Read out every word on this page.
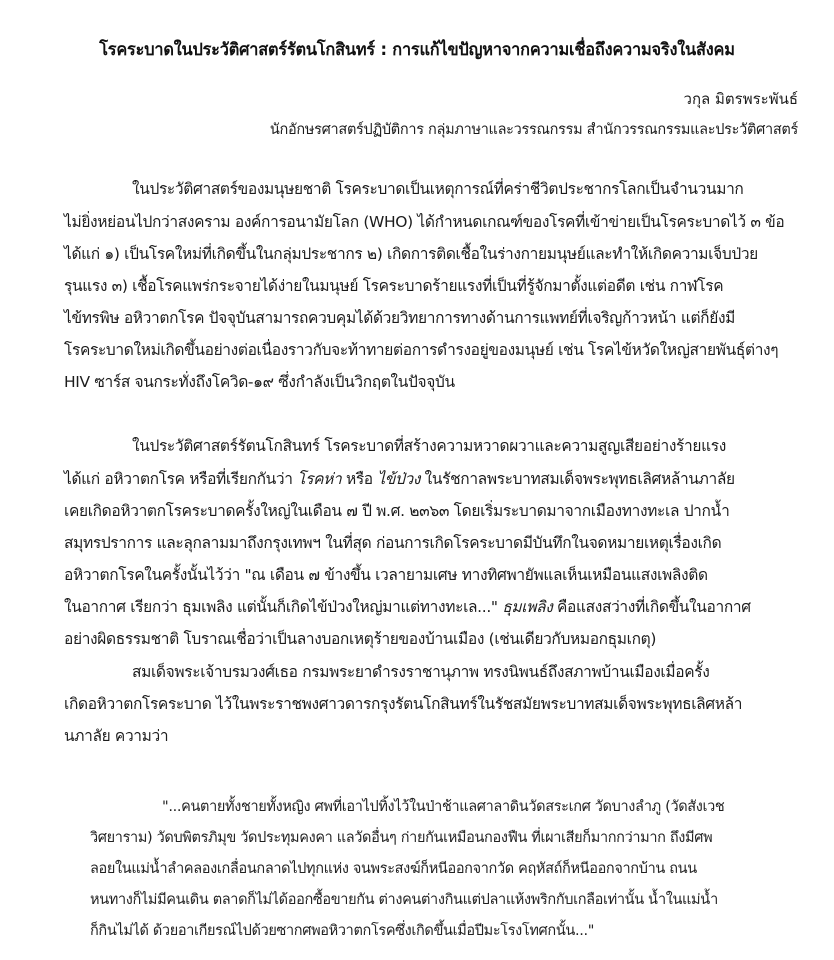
โรคระบาดในประวัติศาสตร์รัตนโกสินทร์ : การแก้ไขปัญหาจากความเชื่อถึงความจริงในสังคม
วกุล มิตรพระพันธ์
นักอักษรศาสตร์ปฏิบัติการ กลุ่มภาษาและวรรณกรรม สำนักวรรณกรรมและประวัติศาสตร์
ในประวัติศาสตร์ของมนุษยชาติ โรคระบาดเป็นเหตุการณ์ที่คร่าชีวิตประชากรโลกเป็นจำนวนมาก
ไม่ยิ่งหย่อนไปกว่าสงคราม องค์การอนามัยโลก (WHO) ได้กำหนดเกณฑ์ของโรคที่เข้าข่ายเป็นโรคระบาดไว้ ๓ ข้อ
ได้แก่ ๑) เป็นโรคใหม่ที่เกิดขึ้นในกลุ่มประชากร ๒) เกิดการติดเชื้อในร่างกายมนุษย์และทำให้เกิดความเจ็บป่วย
รุนแรง ๓) เชื้อโรคแพร่กระจายได้ง่ายในมนุษย์ โรคระบาดร้ายแรงที่เป็นที่รู้จักมาตั้งแต่อดีต เช่น กาฬโรค
ไข้ทรพิษ อหิวาตกโรค ปัจจุบันสามารถควบคุมได้ด้วยวิทยาการทางด้านการแพทย์ที่เจริญก้าวหน้า แต่ก็ยังมี
โรคระบาดใหม่เกิดขึ้นอย่างต่อเนื่องราวกับจะท้าทายต่อการดำรงอยู่ของมนุษย์ เช่น โรคไข้หวัดใหญ่สายพันธุ์ต่างๆ
HIV ซาร์ส จนกระทั่งถึงโควิด-๑๙ ซึ่งกำลังเป็นวิกฤตในปัจจุบัน
ในประวัติศาสตร์รัตนโกสินทร์ โรคระบาดที่สร้างความหวาดผวาและความสูญเสียอย่างร้ายแรง
ได้แก่ อหิวาตกโรค หรือที่เรียกกันว่า โรคห่า หรือ ไข้ป่วง ในรัชกาลพระบาทสมเด็จพระพุทธเลิศหล้านภาลัย
เคยเกิดอหิวาตกโรคระบาดครั้งใหญ่ในเดือน ๗ ปี พ.ศ. ๒๓๖๓ โดยเริ่มระบาดมาจากเมืองทางทะเล ปากน้ำ
สมุทรปราการ และลุกลามมาถึงกรุงเทพฯ ในที่สุด ก่อนการเกิดโรคระบาดมีบันทึกในจดหมายเหตุเรื่องเกิด
อหิวาตกโรคในครั้งนั้นไว้ว่า "ณ เดือน ๗ ข้างขึ้น เวลายามเศษ ทางทิศพายัพแลเห็นเหมือนแสงเพลิงติด
ในอากาศ เรียกว่า ธุมเพลิง แต่นั้นก็เกิดไข้ป่วงใหญ่มาแต่ทางทะเล..." ธุมเพลิง คือแสงสว่างที่เกิดขึ้นในอากาศ
อย่างผิดธรรมชาติ โบราณเชื่อว่าเป็นลางบอกเหตุร้ายของบ้านเมือง (เช่นเดียวกับหมอกธุมเกตุ)
สมเด็จพระเจ้าบรมวงศ์เธอ กรมพระยาดำรงราชานุภาพ ทรงนิพนธ์ถึงสภาพบ้านเมืองเมื่อครั้ง
เกิดอหิวาตกโรคระบาด ไว้ในพระราชพงศาวดารกรุงรัตนโกสินทร์ในรัชสมัยพระบาทสมเด็จพระพุทธเลิศหล้า
นภาลัย ความว่า
"...คนตายทั้งชายทั้งหญิง ศพที่เอาไปทิ้งไว้ในป่าช้าแลศาลาดินวัดสระเกศ วัดบางลำภู (วัดสังเวช
วิศยาราม) วัดบพิตรภิมุข วัดประทุมคงคา แลวัดอื่นๆ ก่ายกันเหมือนกองฟืน ที่เผาเสียก็มากกว่ามาก ถึงมีศพ
ลอยในแม่น้ำลำคลองเกลื่อนกลาดไปทุกแห่ง จนพระสงฆ์ก็หนีออกจากวัด คฤหัสถ์ก็หนีออกจากบ้าน ถนน
หนทางก็ไม่มีคนเดิน ตลาดก็ไม่ได้ออกซื้อขายกัน ต่างคนต่างกินแต่ปลาแห้งพริกกับเกลือเท่านั้น น้ำในแม่น้ำ
ก็กินไม่ได้ ด้วยอาเกียรณ์ไปด้วยซากศพอหิวาตกโรคซึ่งเกิดขึ้นเมื่อปีมะโรงโทศกนั้น..."
